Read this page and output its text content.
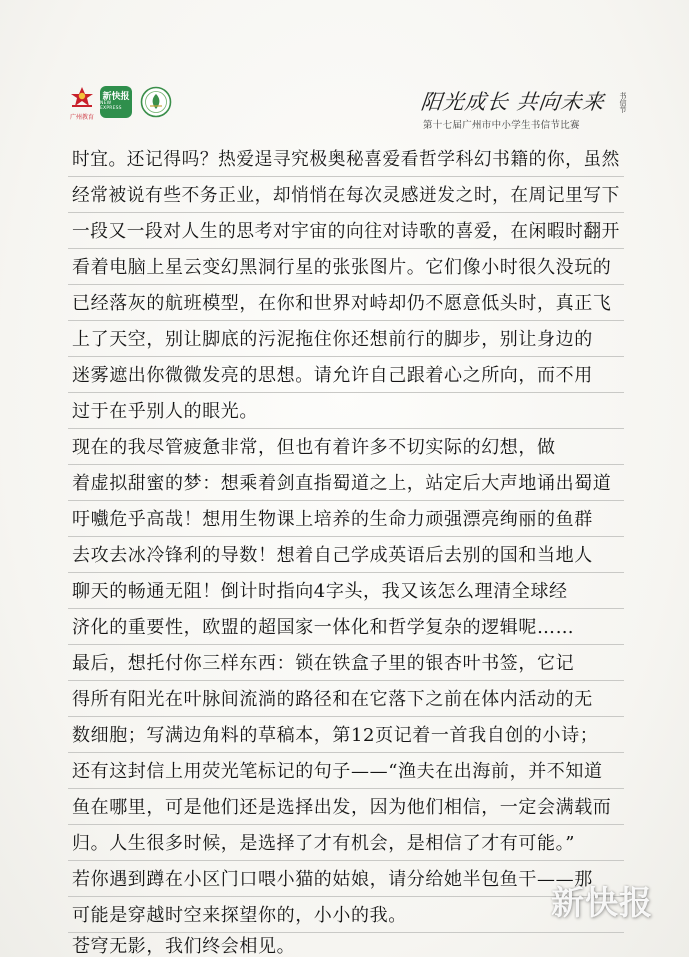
广州教育
新快报
NEW EXPRESS	阳光成长 共向未来	书信节
第十七届广州市中小学生书信节比赛
时宜。还记得吗？热爱逞寻究极奥秘喜爱看哲学科幻书籍的你，虽然
经常被说有些不务正业，却悄悄在每次灵感迸发之时，在周记里写下
一段又一段对人生的思考对宇宙的向往对诗歌的喜爱，在闲暇时翻开
看着电脑上星云变幻黑洞行星的张张图片。它们像小时很久没玩的
已经落灰的航班模型，在你和世界对峙却仍不愿意低头时，真正飞
上了天空，别让脚底的污泥拖住你还想前行的脚步，别让身边的
迷雾遮出你微微发亮的思想。请允许自己跟着心之所向，而不用
过于在乎别人的眼光。
现在的我尽管疲惫非常，但也有着许多不切实际的幻想，做
着虚拟甜蜜的梦：想乘着剑直指蜀道之上，站定后大声地诵出蜀道
吁嚱危乎高哉！想用生物课上培养的生命力顽强漂亮绚丽的鱼群
去攻去冰冷锋利的导数！想着自己学成英语后去别的国和当地人
聊天的畅通无阻！倒计时指向4字头，我又该怎么理清全球经
济化的重要性，欧盟的超国家一体化和哲学复杂的逻辑呢……
最后，想托付你三样东西：锁在铁盒子里的银杏叶书签，它记
得所有阳光在叶脉间流淌的路径和在它落下之前在体内活动的无
数细胞；写满边角料的草稿本，第12页记着一首我自创的小诗；
还有这封信上用荧光笔标记的句子——“渔夫在出海前，并不知道
鱼在哪里，可是他们还是选择出发，因为他们相信，一定会满载而
归。人生很多时候，是选择了才有机会，是相信了才有可能。”
若你遇到蹲在小区门口喂小猫的姑娘，请分给她半包鱼干——那
可能是穿越时空来探望你的，小小的我。
苍穹无影，我们终会相见。
新快报
